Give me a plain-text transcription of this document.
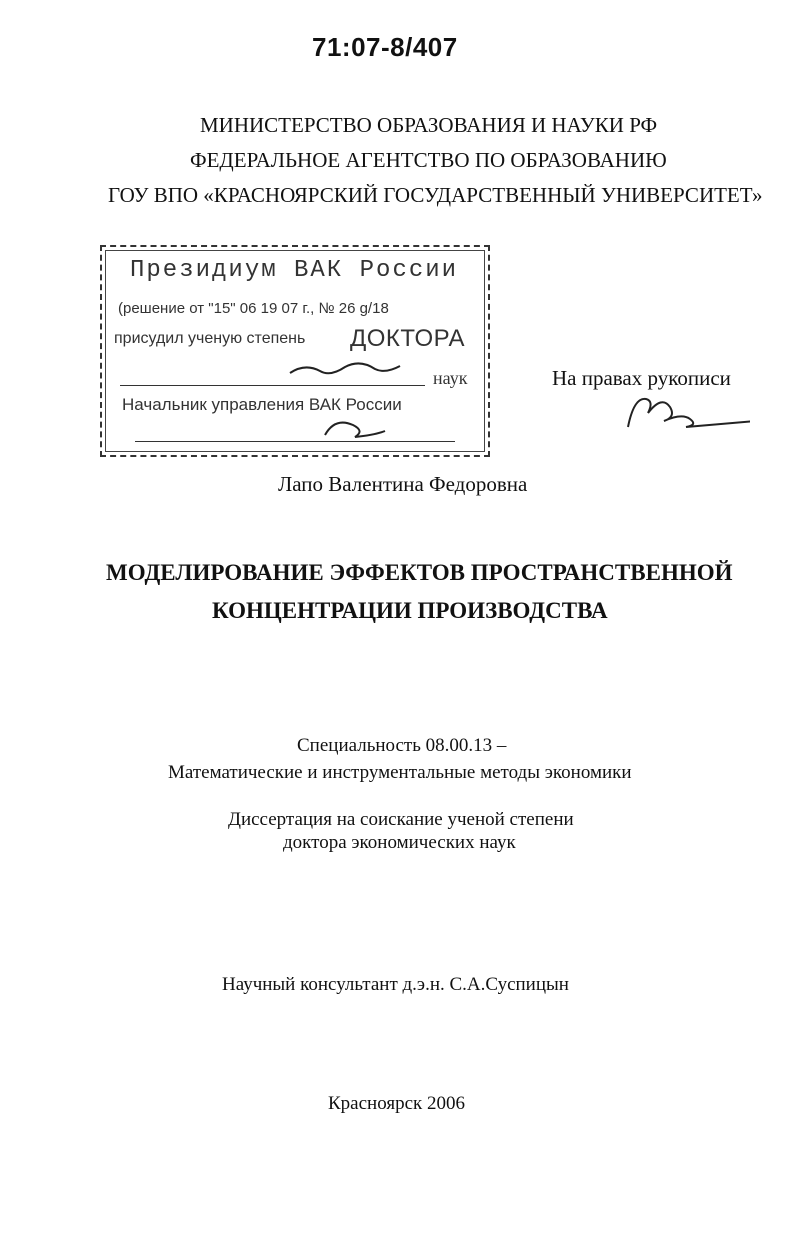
71:07-8/407
МИНИСТЕРСТВО ОБРАЗОВАНИЯ И НАУКИ РФ
ФЕДЕРАЛЬНОЕ АГЕНТСТВО ПО ОБРАЗОВАНИЮ
ГОУ ВПО «КРАСНОЯРСКИЙ ГОСУДАРСТВЕННЫЙ УНИВЕРСИТЕТ»
Президиум ВАК России
(решение от "15" 06 19 07 г., № 26 g/18
присудил ученую степень ДОКТОРА
наук
Начальник управления ВАК России
На правах рукописи
Лапо Валентина Федоровна
МОДЕЛИРОВАНИЕ ЭФФЕКТОВ ПРОСТРАНСТВЕННОЙ
КОНЦЕНТРАЦИИ ПРОИЗВОДСТВА
Специальность 08.00.13 –
Математические и инструментальные методы экономики
Диссертация на соискание ученой степени
доктора экономических наук
Научный консультант д.э.н. С.А.Суспицын
Красноярск 2006
